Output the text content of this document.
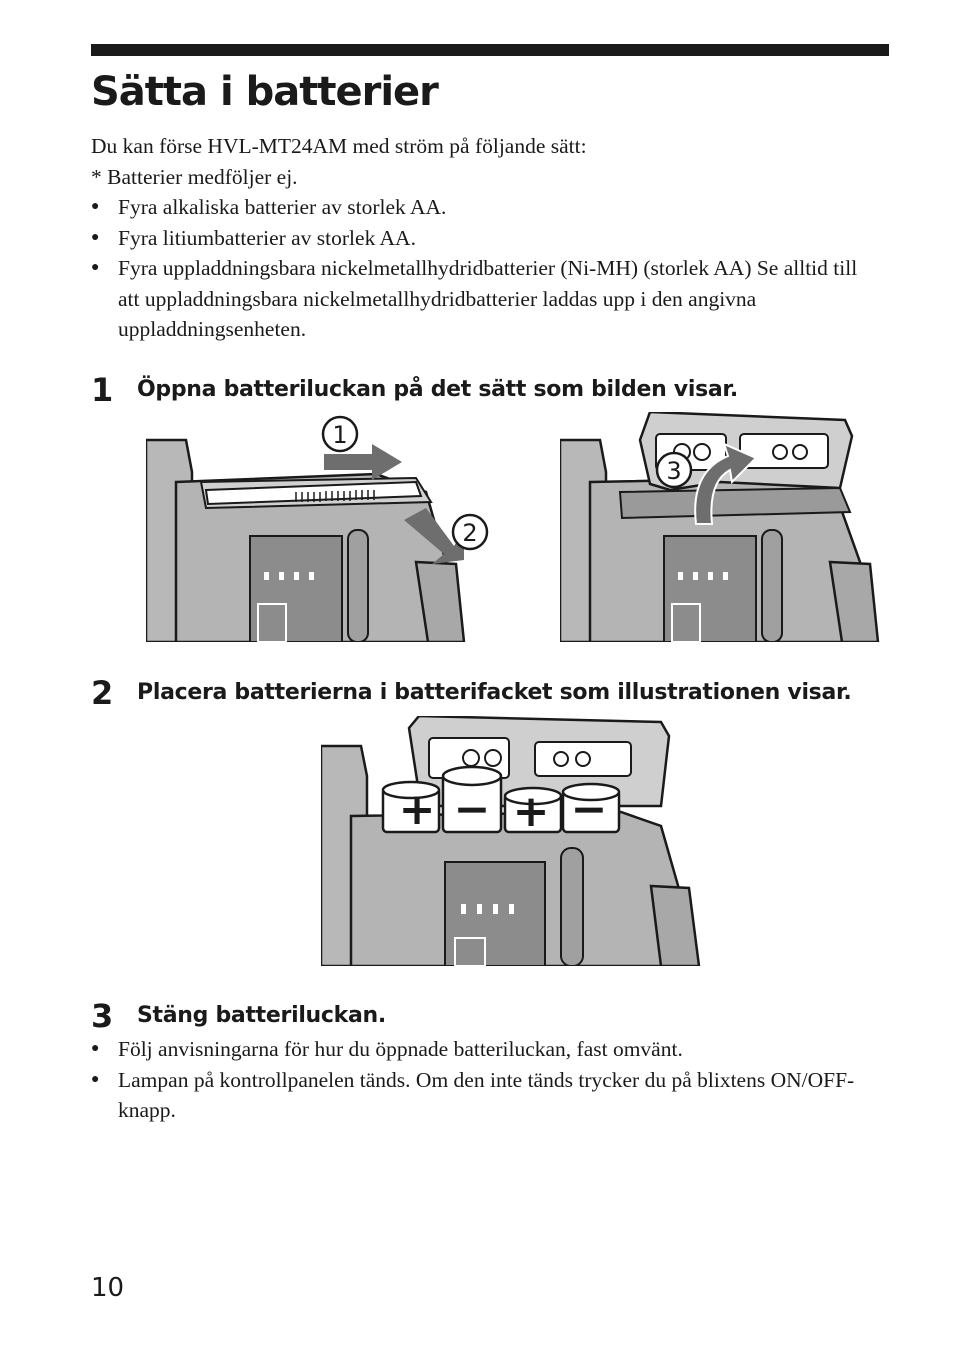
Sätta i batterier

Du kan förse HVL-MT24AM med ström på följande sätt:

* Batterier medföljer ej.

● Fyra alkaliska batterier av storlek AA.
● Fyra litiumbatterier av storlek AA.
● Fyra uppladdningsbara nickelmetallhydridbatterier (Ni-MH) (storlek AA) Se alltid till att uppladdningsbara nickelmetallhydridbatterier laddas upp i den angivna uppladdningsenheten.
1 Öppna batteriluckan på det sätt som bilden visar.
1
2
3
2 Placera batterierna i batterifacket som illustrationen visar.
+ − + −
3 Stäng batteriluckan.
● Följ anvisningarna för hur du öppnade batteriluckan, fast omvänt.
● Lampan på kontrollpanelen tänds. Om den inte tänds trycker du på blixtens ON/OFF-knapp.
10
